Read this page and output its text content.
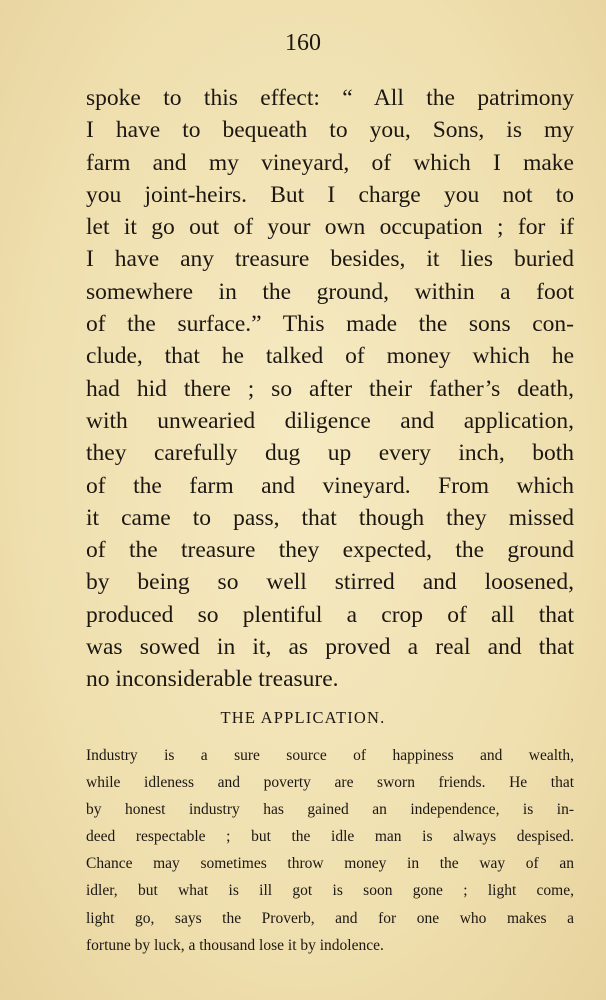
160
spoke to this effect: “ All the patrimony
I have to bequeath to you, Sons, is my
farm and my vineyard, of which I make
you joint-heirs. But I charge you not to
let it go out of your own occupation ; for if
I have any treasure besides, it lies buried
somewhere in the ground, within a foot
of the surface.” This made the sons con-
clude, that he talked of money which he
had hid there ; so after their father’s death,
with unwearied diligence and application,
they carefully dug up every inch, both
of the farm and vineyard. From which
it came to pass, that though they missed
of the treasure they expected, the ground
by being so well stirred and loosened,
produced so plentiful a crop of all that
was sowed in it, as proved a real and that
no inconsiderable treasure.
THE APPLICATION.
Industry is a sure source of happiness and wealth,
while idleness and poverty are sworn friends. He that
by honest industry has gained an independence, is in-
deed respectable ; but the idle man is always despised.
Chance may sometimes throw money in the way of an
idler, but what is ill got is soon gone ; light come,
light go, says the Proverb, and for one who makes a
fortune by luck, a thousand lose it by indolence.
